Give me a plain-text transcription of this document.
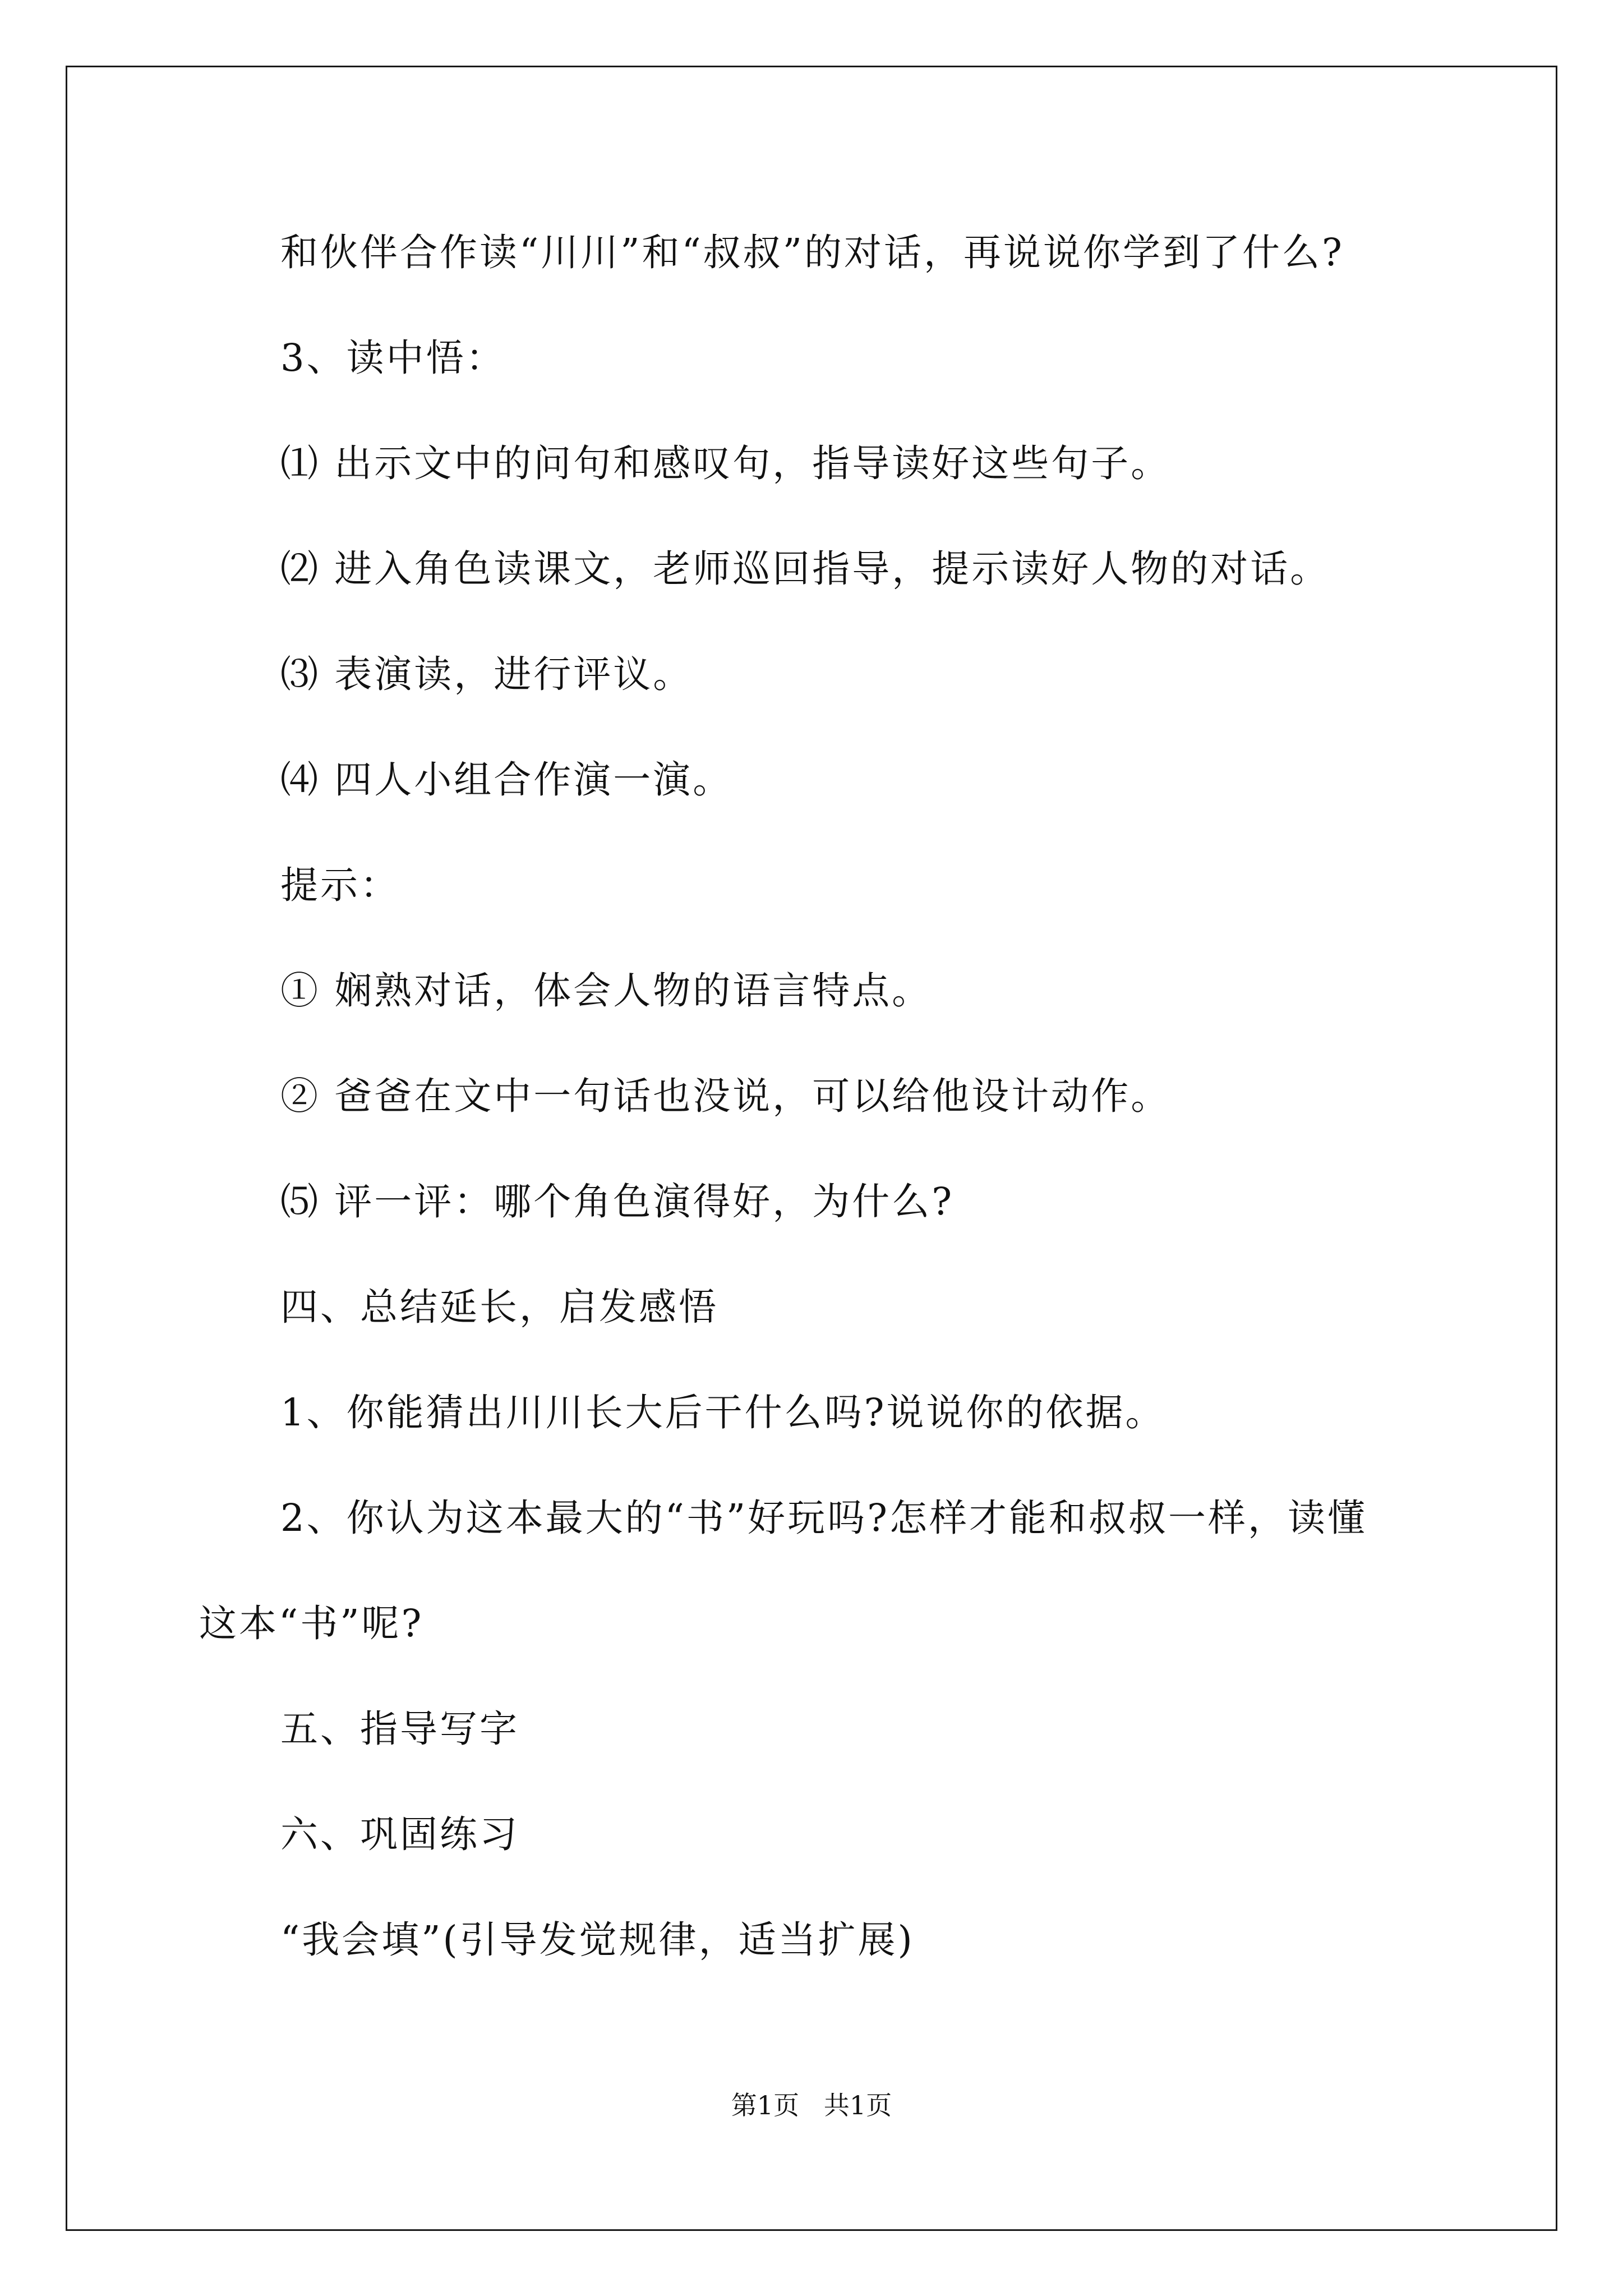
和伙伴合作读“川川”和“叔叔”的对话，再说说你学到了什么?
3、读中悟：
⑴ 出示文中的问句和感叹句，指导读好这些句子。
⑵ 进入角色读课文，老师巡回指导，提示读好人物的对话。
⑶ 表演读，进行评议。
⑷ 四人小组合作演一演。
提示：
① 娴熟对话，体会人物的语言特点。
② 爸爸在文中一句话也没说，可以给他设计动作。
⑸ 评一评：哪个角色演得好，为什么?
四、总结延长，启发感悟
1、你能猜出川川长大后干什么吗?说说你的依据。
2、你认为这本最大的“书”好玩吗?怎样才能和叔叔一样，读懂
这本“书”呢?
五、指导写字
六、巩固练习
“我会填”(引导发觉规律，适当扩展)
第1页   共1页
